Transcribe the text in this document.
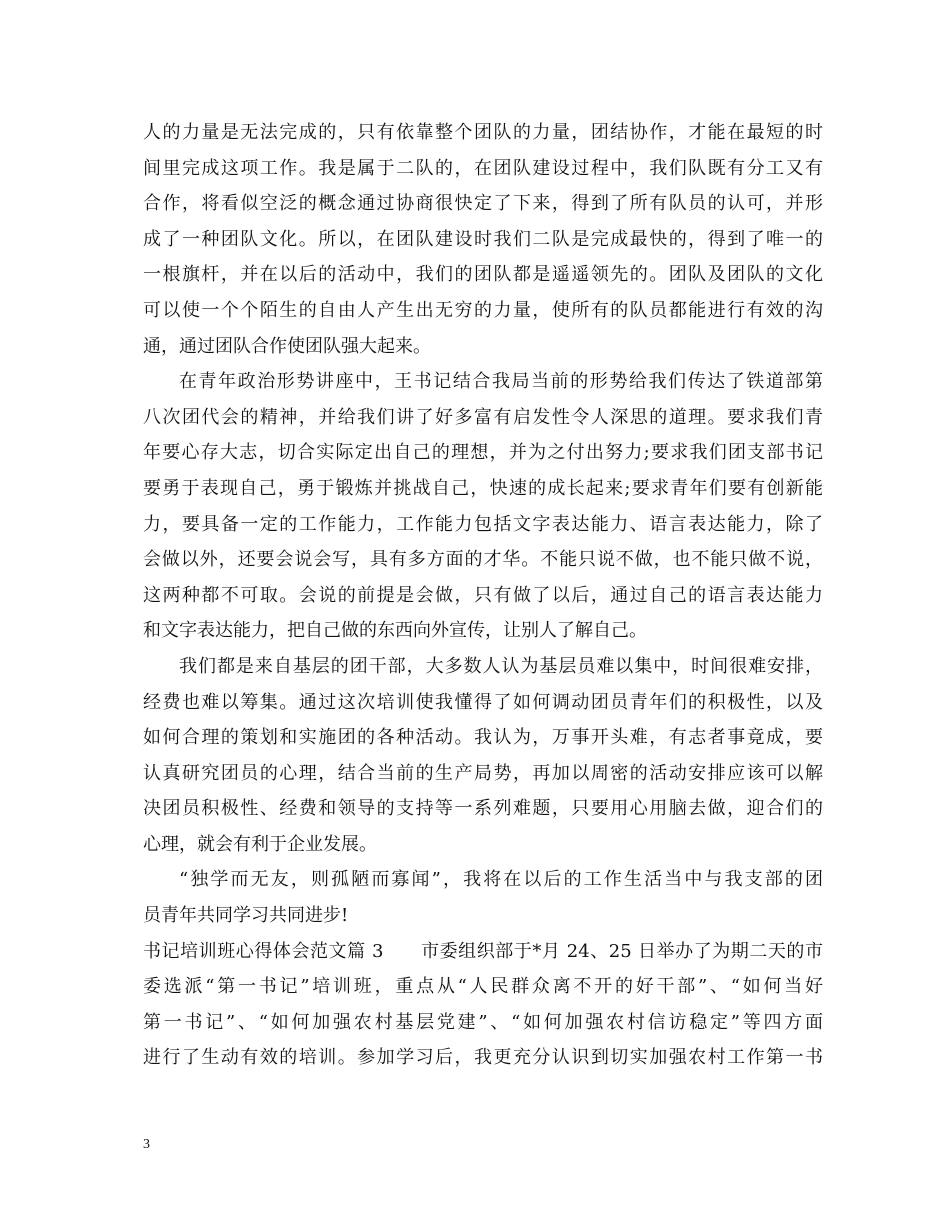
人的力量是无法完成的，只有依靠整个团队的力量，团结协作，才能在最短的时
间里完成这项工作。我是属于二队的，在团队建设过程中，我们队既有分工又有
合作，将看似空泛的概念通过协商很快定了下来，得到了所有队员的认可，并形
成了一种团队文化。所以，在团队建设时我们二队是完成最快的，得到了唯一的
一根旗杆，并在以后的活动中，我们的团队都是遥遥领先的。团队及团队的文化
可以使一个个陌生的自由人产生出无穷的力量，使所有的队员都能进行有效的沟
通，通过团队合作使团队强大起来。
在青年政治形势讲座中，王书记结合我局当前的形势给我们传达了铁道部第
八次团代会的精神，并给我们讲了好多富有启发性令人深思的道理。要求我们青
年要心存大志，切合实际定出自己的理想，并为之付出努力;要求我们团支部书记
要勇于表现自己，勇于锻炼并挑战自己，快速的成长起来;要求青年们要有创新能
力，要具备一定的工作能力，工作能力包括文字表达能力、语言表达能力，除了
会做以外，还要会说会写，具有多方面的才华。不能只说不做，也不能只做不说，
这两种都不可取。会说的前提是会做，只有做了以后，通过自己的语言表达能力
和文字表达能力，把自己做的东西向外宣传，让别人了解自己。
我们都是来自基层的团干部，大多数人认为基层员难以集中，时间很难安排，
经费也难以筹集。通过这次培训使我懂得了如何调动团员青年们的积极性，以及
如何合理的策划和实施团的各种活动。我认为，万事开头难，有志者事竟成，要
认真研究团员的心理，结合当前的生产局势，再加以周密的活动安排应该可以解
决团员积极性、经费和领导的支持等一系列难题，只要用心用脑去做，迎合们的
心理，就会有利于企业发展。
“独学而无友，则孤陋而寡闻”，我将在以后的工作生活当中与我支部的团
员青年共同学习共同进步!
书记培训班心得体会范文篇 3　　市委组织部于*月 24、25 日举办了为期二天的市
委选派“第一书记”培训班，重点从“人民群众离不开的好干部”、“如何当好
第一书记”、“如何加强农村基层党建”、“如何加强农村信访稳定”等四方面
进行了生动有效的培训。参加学习后，我更充分认识到切实加强农村工作第一书
3
